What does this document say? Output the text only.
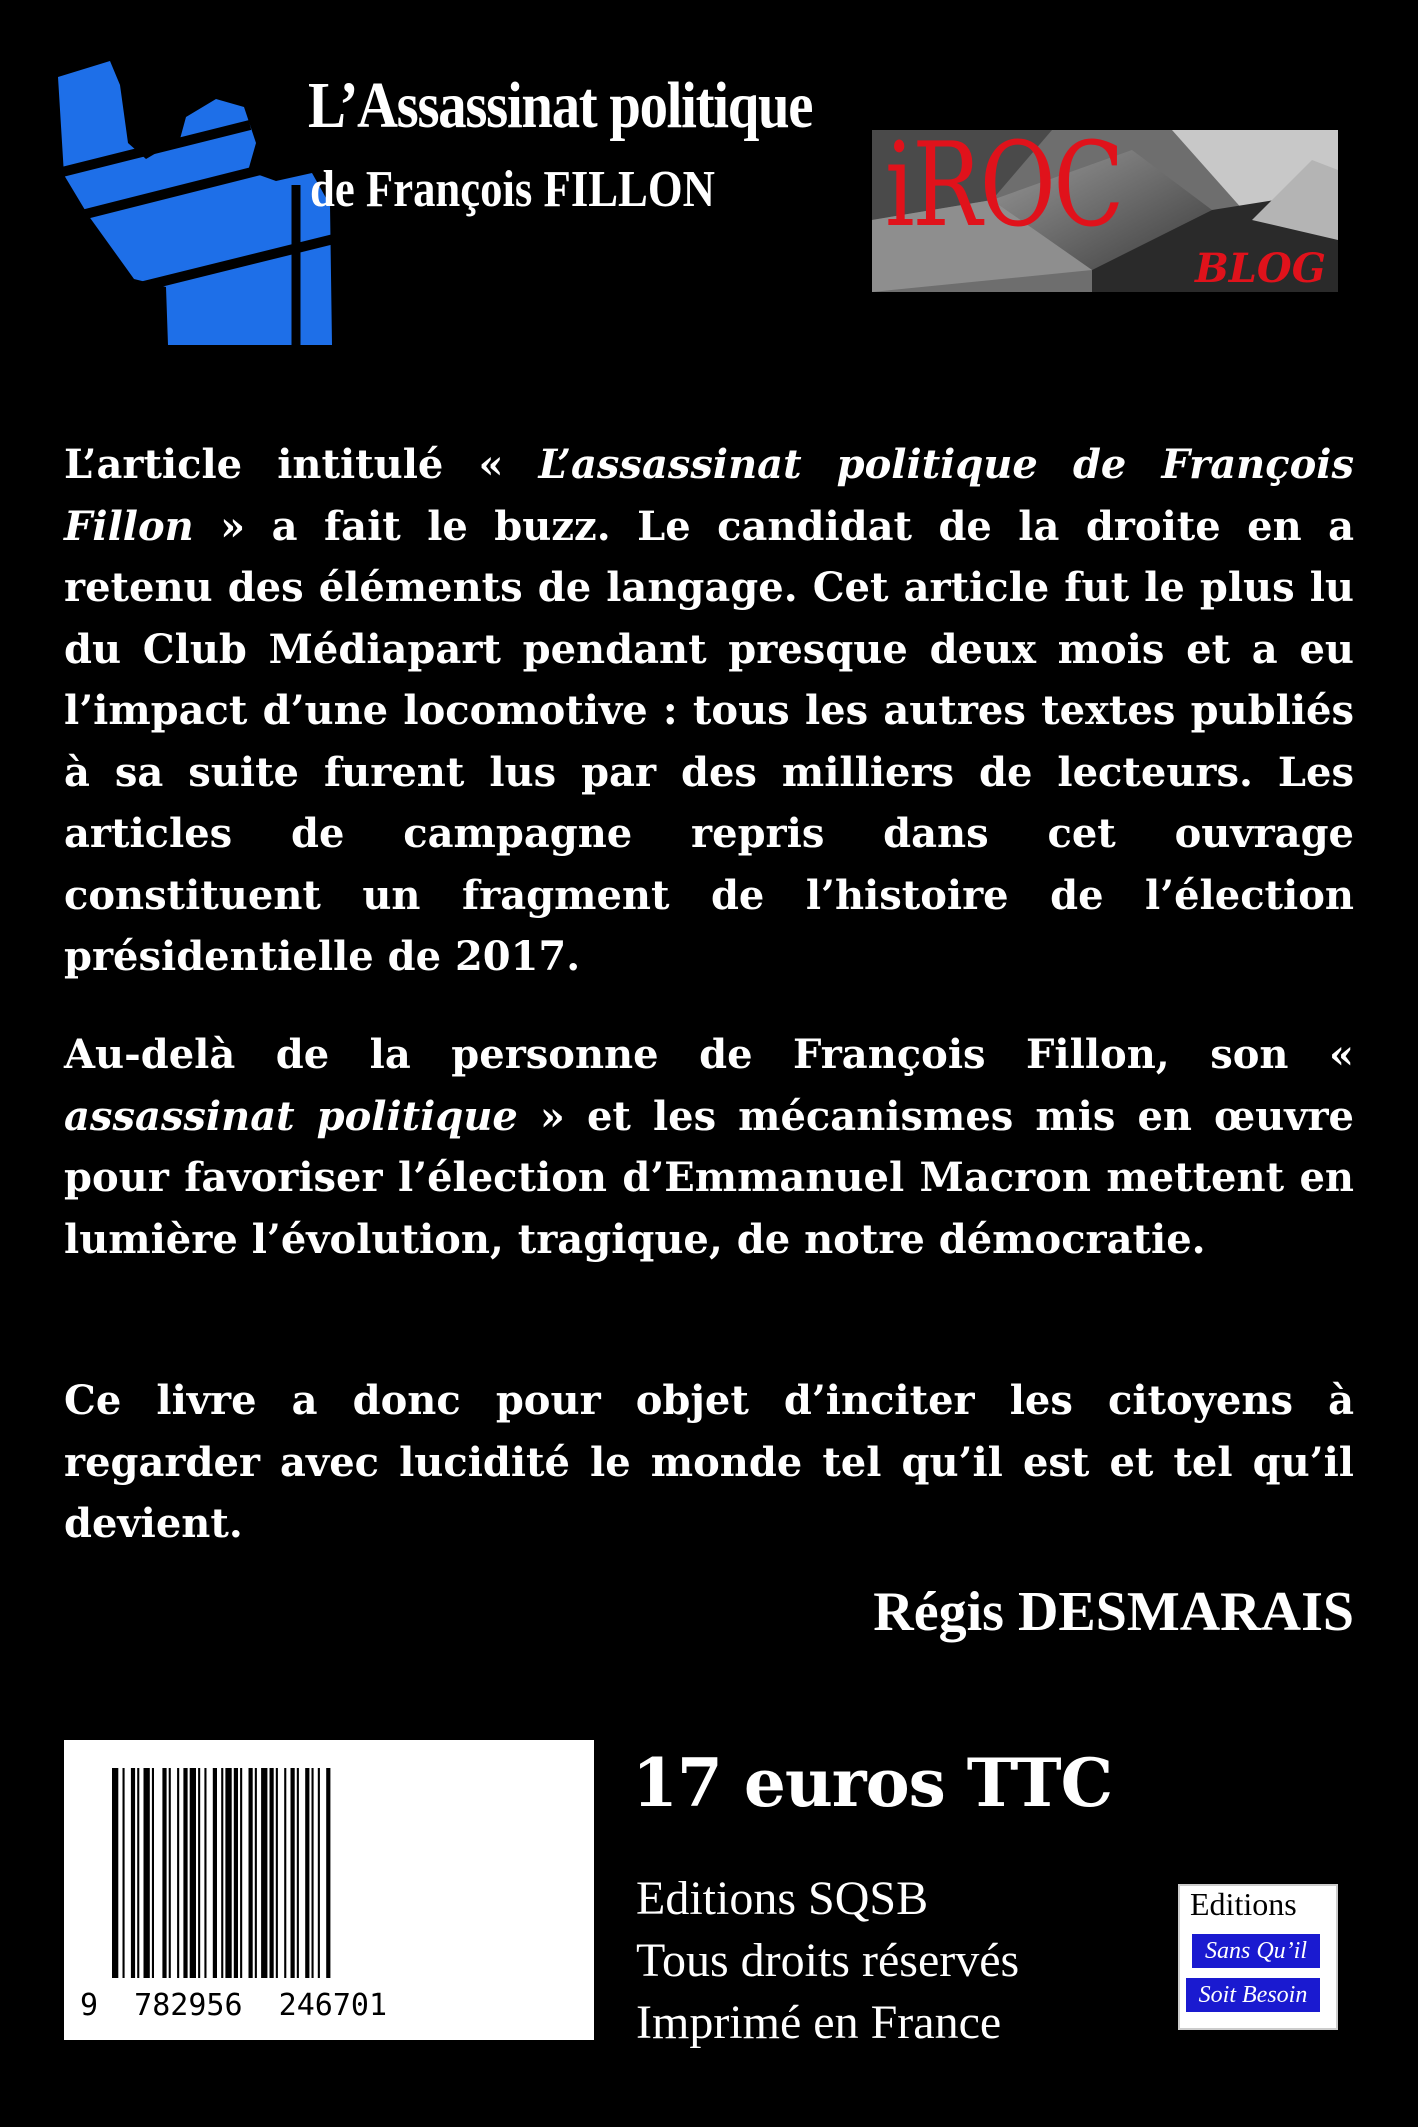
L’Assassinat politique
de François FILLON iROC
BLOG
L’article intitulé « L’assassinat politique de François Fillon » a fait le buzz. Le candidat de la droite en a retenu des éléments de langage. Cet article fut le plus lu du Club Médiapart pendant presque deux mois et a eu l’impact d’une locomotive : tous les autres textes publiés à sa suite furent lus par des milliers de lecteurs. Les articles de campagne repris dans cet ouvrage constituent un fragment de l’histoire de l’élection présidentielle de 2017.
Au-delà de la personne de François Fillon, son « assassinat politique » et les mécanismes mis en œuvre pour favoriser l’élection d’Emmanuel Macron mettent en lumière l’évolution, tragique, de notre démocratie.
Ce livre a donc pour objet d’inciter les citoyens à regarder avec lucidité le monde tel qu’il est et tel qu’il devient.
Régis DESMARAIS
9  782956  246701
17 euros TTC
Editions SQSB
Tous droits réservés
Imprimé en France
Editions
Sans Qu’il
Soit Besoin
